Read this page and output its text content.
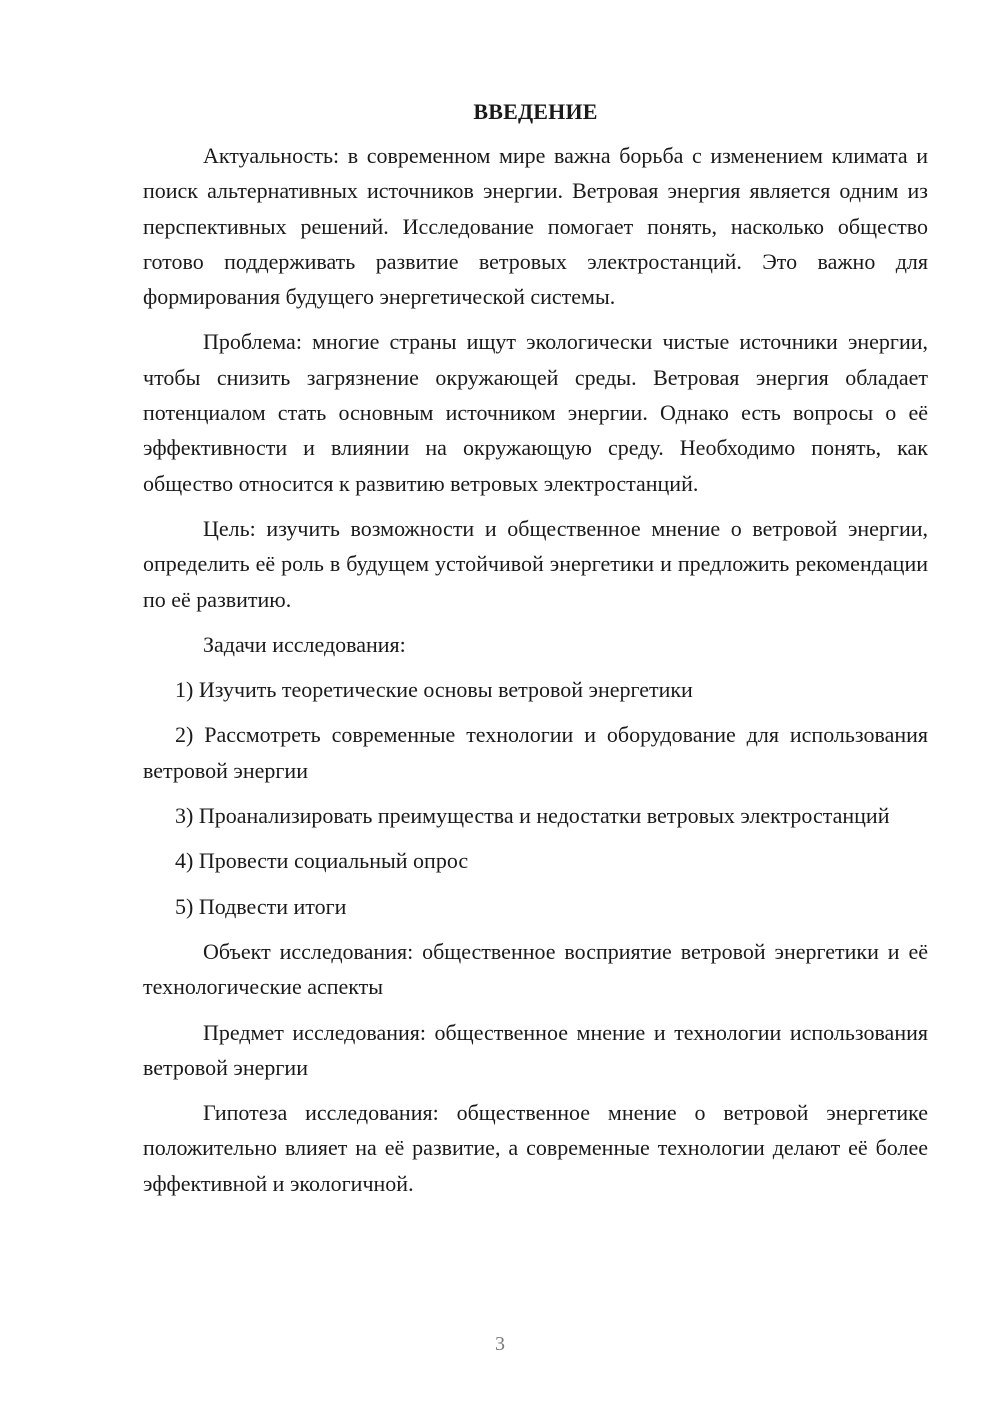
ВВЕДЕНИЕ
Актуальность: в современном мире важна борьба с изменением климата и поиск альтернативных источников энергии. Ветровая энергия является одним из перспективных решений. Исследование помогает понять, насколько общество готово поддерживать развитие ветровых электростанций. Это важно для формирования будущего энергетической системы.
Проблема: многие страны ищут экологически чистые источники энергии, чтобы снизить загрязнение окружающей среды. Ветровая энергия обладает потенциалом стать основным источником энергии. Однако есть вопросы о её эффективности и влиянии на окружающую среду. Необходимо понять, как общество относится к развитию ветровых электростанций.
Цель: изучить возможности и общественное мнение о ветровой энергии, определить её роль в будущем устойчивой энергетики и предложить рекомендации по её развитию.
Задачи исследования:
1) Изучить теоретические основы ветровой энергетики
2) Рассмотреть современные технологии и оборудование для использования ветровой энергии
3) Проанализировать преимущества и недостатки ветровых электростанций
4) Провести социальный опрос
5) Подвести итоги
Объект исследования: общественное восприятие ветровой энергетики и её технологические аспекты
Предмет исследования: общественное мнение и технологии использования ветровой энергии
Гипотеза исследования: общественное мнение о ветровой энергетике положительно влияет на её развитие, а современные технологии делают её более эффективной и экологичной.
3
